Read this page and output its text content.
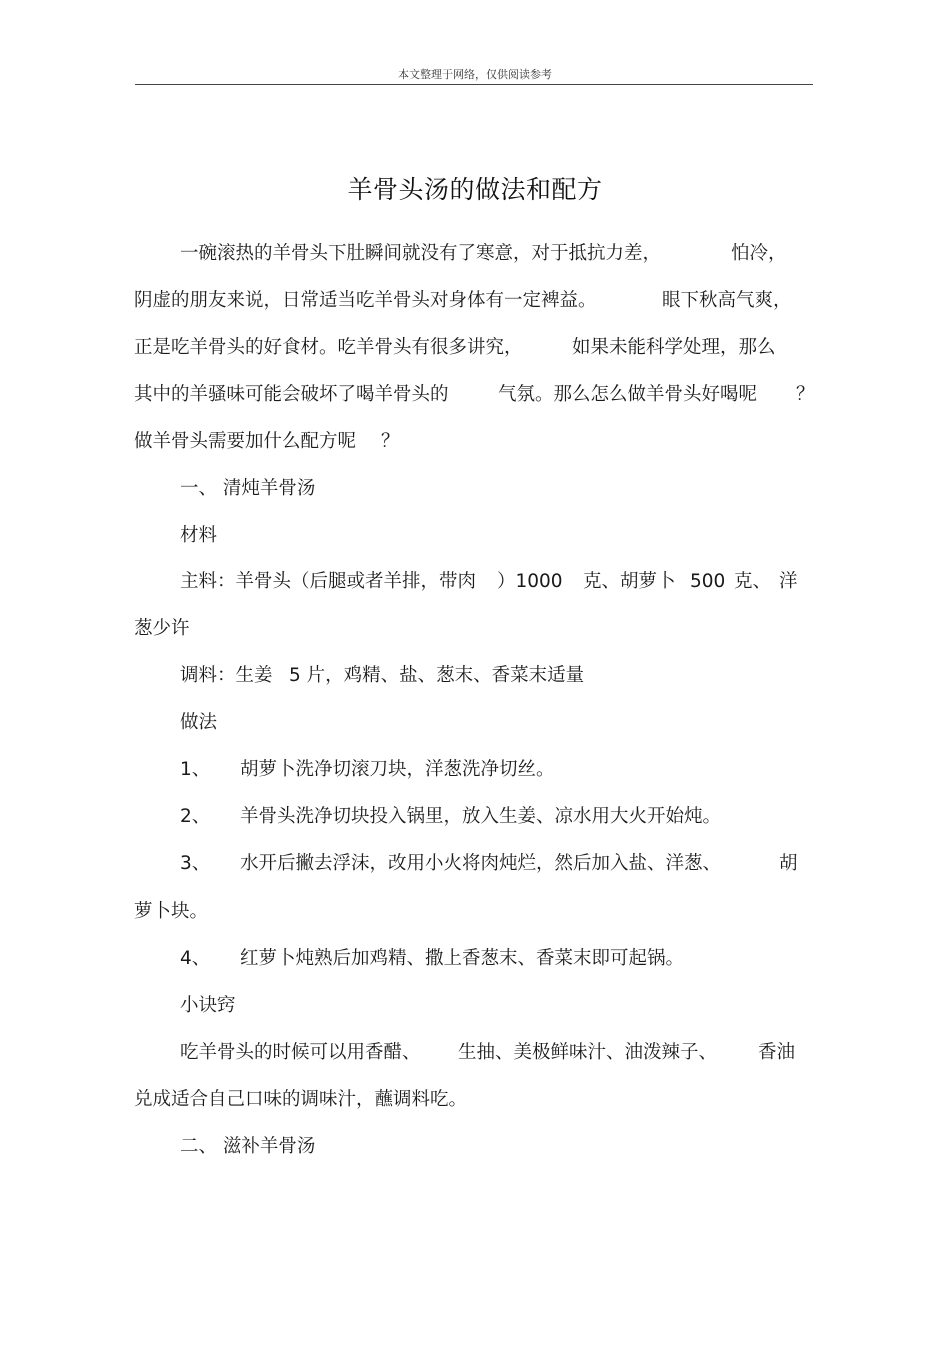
本文整理于网络，仅供阅读参考
羊骨头汤的做法和配方
一碗滚热的羊骨头下肚瞬间就没有了寒意，对于抵抗力差，	怕冷，
阴虚的朋友来说，日常适当吃羊骨头对身体有一定裨益。	眼下秋高气爽，
正是吃羊骨头的好食材。吃羊骨头有很多讲究，	如果未能科学处理，那么
其中的羊骚味可能会破坏了喝羊骨头的	气氛。那么怎么做羊骨头好喝呢 ？
做羊骨头需要加什么配方呢 ？
一、 清炖羊骨汤
材料
主料：羊骨头（后腿或者羊排，带肉 ）1000 克、胡萝卜 500 克、 洋
葱少许
调料：生姜 5 片，鸡精、盐、葱末、香菜末适量
做法
1、 胡萝卜洗净切滚刀块，洋葱洗净切丝。
2、 羊骨头洗净切块投入锅里，放入生姜、凉水用大火开始炖。
3、 水开后撇去浮沫，改用小火将肉炖烂，然后加入盐、洋葱、	胡
萝卜块。
4、 红萝卜炖熟后加鸡精、撒上香葱末、香菜末即可起锅。
小诀窍
吃羊骨头的时候可以用香醋、 生抽、美极鲜味汁、油泼辣子、 香油
兑成适合自己口味的调味汁，蘸调料吃。
二、 滋补羊骨汤
